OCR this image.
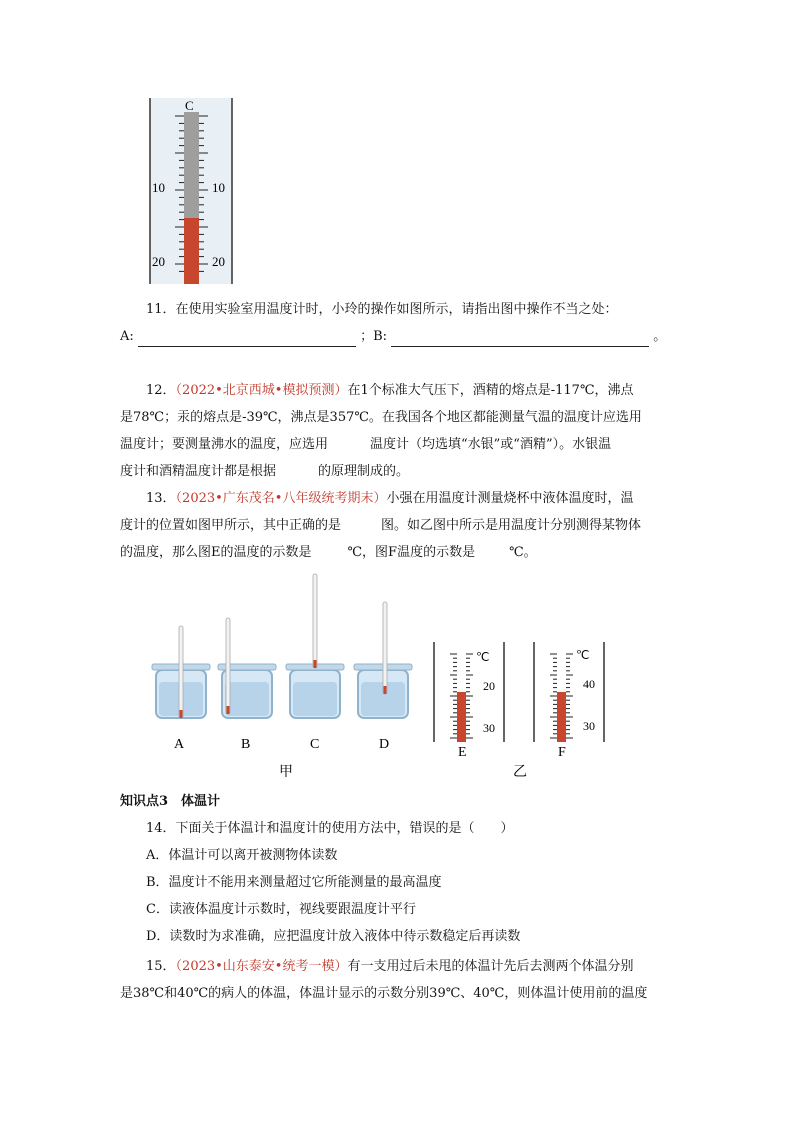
C
10
20
10
20
11．在使用实验室用温度计时，小玲的操作如图所示，请指出图中操作不当之处：
A:	；B:	。
12．（2022•北京西城•模拟预测）在1个标准大气压下，酒精的熔点是-117℃，沸点
是78℃；汞的熔点是-39℃，沸点是357℃。在我国各个地区都能测量气温的温度计应选用
温度计；要测量沸水的温度，应选用	温度计（均选填“水银”或“酒精”）。水银温
度计和酒精温度计都是根据	的原理制成的。
13．（2023•广东茂名•八年级统考期末）小强在用温度计测量烧杯中液体温度时，温
度计的位置如图甲所示，其中正确的是	图。如乙图中所示是用温度计分别测得某物体
的温度，那么图E的温度的示数是	℃，图F温度的示数是	℃。
A	B	C	D
甲
℃
20
30
E
℃
40
30
F
乙
知识点3　体温计
14．下面关于体温计和温度计的使用方法中，错误的是（　　）
A．体温计可以离开被测物体读数
B．温度计不能用来测量超过它所能测量的最高温度
C．读液体温度计示数时，视线要跟温度计平行
D．读数时为求准确，应把温度计放入液体中待示数稳定后再读数
15．（2023•山东泰安•统考一模）有一支用过后未甩的体温计先后去测两个体温分别
是38℃和40℃的病人的体温，体温计显示的示数分别39℃、40℃，则体温计使用前的温度
